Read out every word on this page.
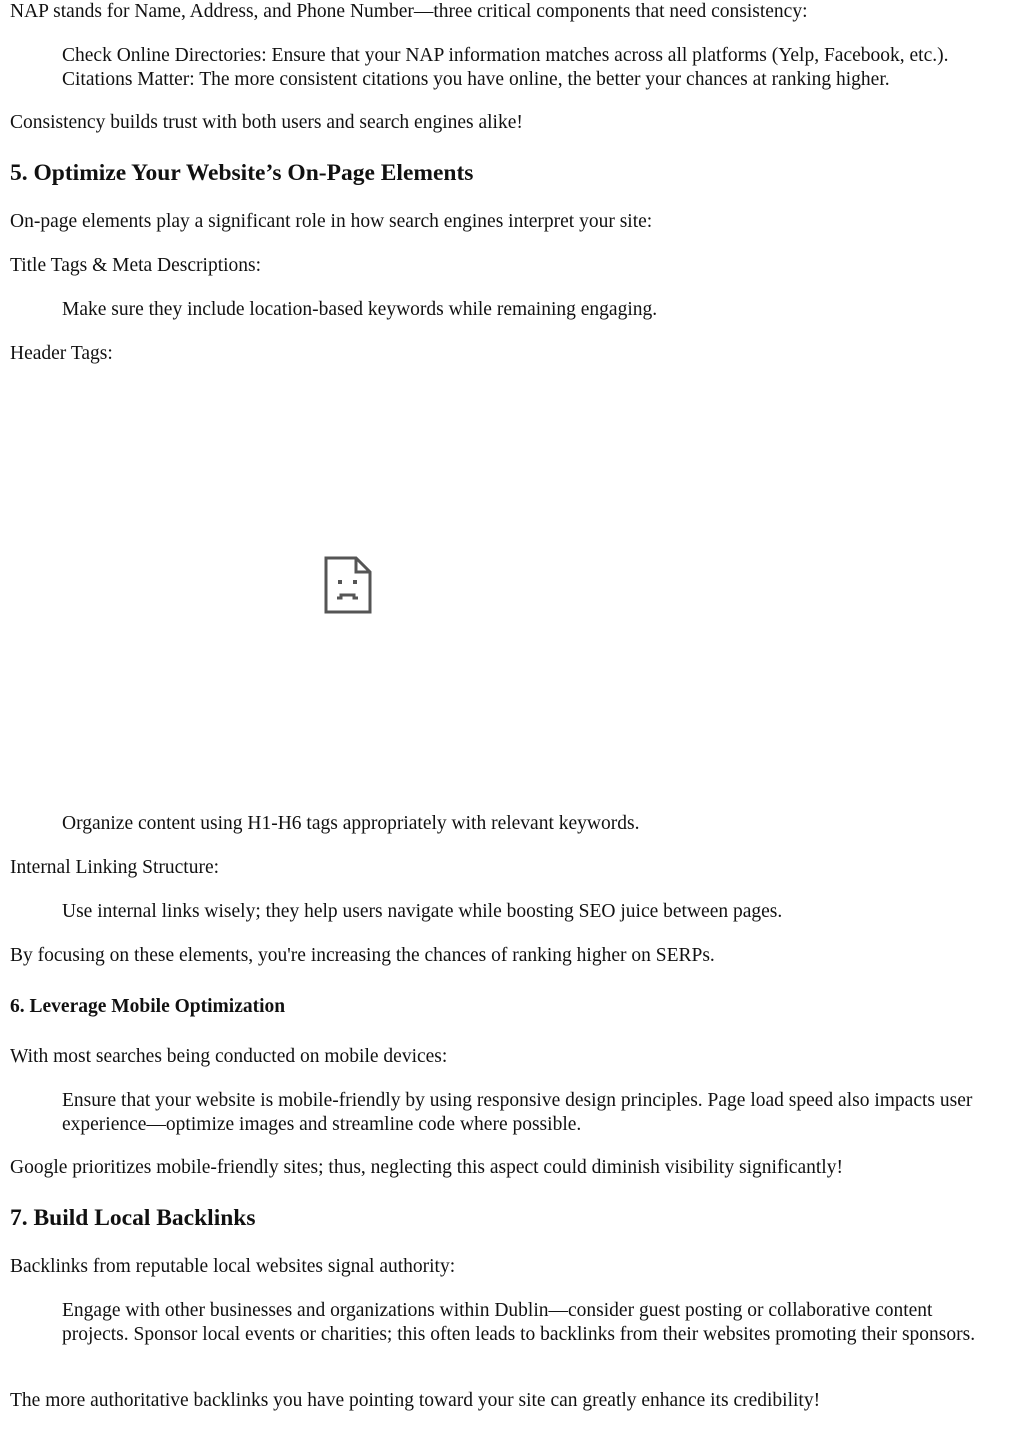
NAP stands for Name, Address, and Phone Number—three critical components that need consistency:

Check Online Directories: Ensure that your NAP information matches across all platforms (Yelp, Facebook, etc.).

Citations Matter: The more consistent citations you have online, the better your chances at ranking higher.

Consistency builds trust with both users and search engines alike!

5. Optimize Your Website’s On-Page Elements

On-page elements play a significant role in how search engines interpret your site:

Title Tags & Meta Descriptions:

Make sure they include location-based keywords while remaining engaging.

Header Tags:

Organize content using H1-H6 tags appropriately with relevant keywords.

Internal Linking Structure:

Use internal links wisely; they help users navigate while boosting SEO juice between pages.

By focusing on these elements, you're increasing the chances of ranking higher on SERPs.

6. Leverage Mobile Optimization

With most searches being conducted on mobile devices:

Ensure that your website is mobile-friendly by using responsive design principles. Page load speed also impacts user experience—optimize images and streamline code where possible.

Google prioritizes mobile-friendly sites; thus, neglecting this aspect could diminish visibility significantly!

7. Build Local Backlinks

Backlinks from reputable local websites signal authority:

Engage with other businesses and organizations within Dublin—consider guest posting or collaborative content projects. Sponsor local events or charities; this often leads to backlinks from their websites promoting their sponsors.

The more authoritative backlinks you have pointing toward your site can greatly enhance its credibility!
